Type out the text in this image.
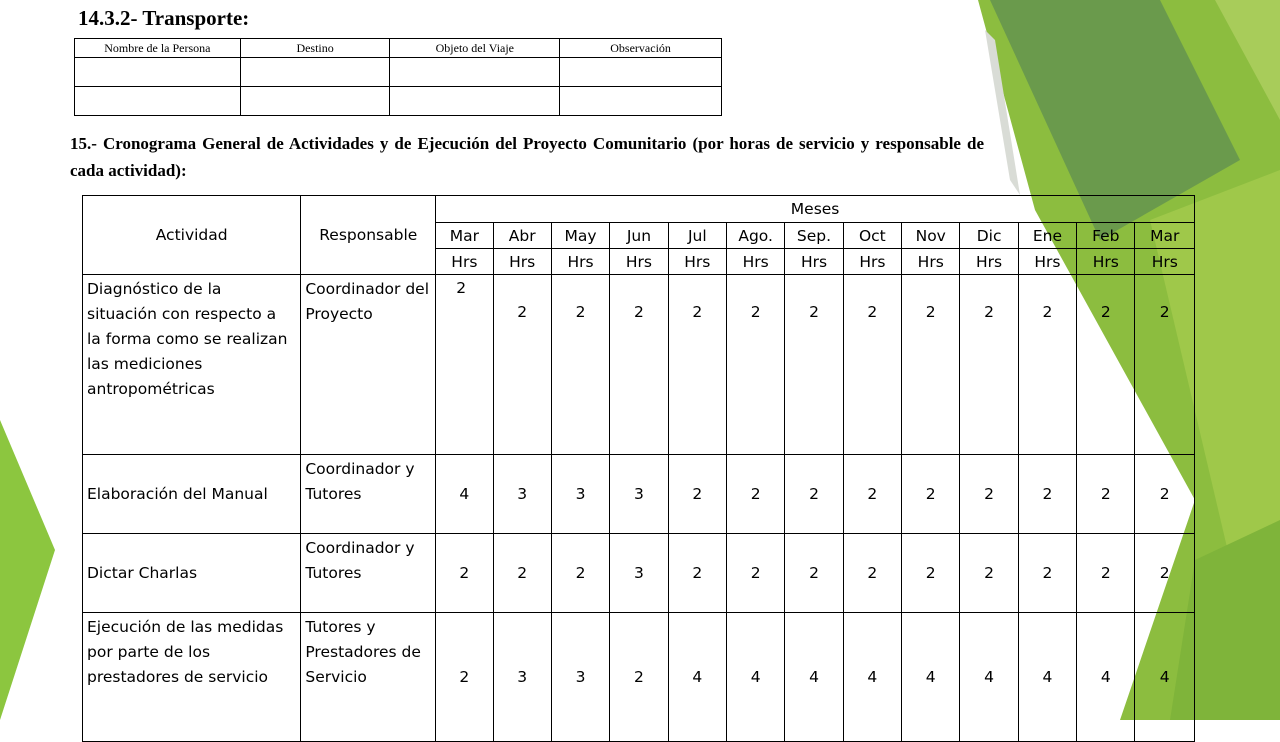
14.3.2- Transporte:
Nombre de la Persona	Destino	Objeto del Viaje	Observación

15.- Cronograma General de Actividades y de Ejecución del Proyecto Comunitario (por horas de servicio y responsable de cada actividad):

Actividad	Responsable	Meses												
		Mar	Abr	May	Jun	Jul	Ago.	Sep.	Oct	Nov	Dic	Ene	Feb	Mar
		Hrs	Hrs	Hrs	Hrs	Hrs	Hrs	Hrs	Hrs	Hrs	Hrs	Hrs	Hrs	Hrs
Diagnóstico de la situación con respecto a la forma como se realizan las mediciones antropométricas	Coordinador del Proyecto	2	2	2	2	2	2	2	2	2	2	2	2	2
Elaboración del Manual	Coordinador y Tutores	4	3	3	3	2	2	2	2	2	2	2	2	2
Dictar Charlas	Coordinador y Tutores	2	2	2	3	2	2	2	2	2	2	2	2	2
Ejecución de las medidas por parte de los prestadores de servicio	Tutores y Prestadores de Servicio	2	3	3	2	4	4	4	4	4	4	4	4	4
